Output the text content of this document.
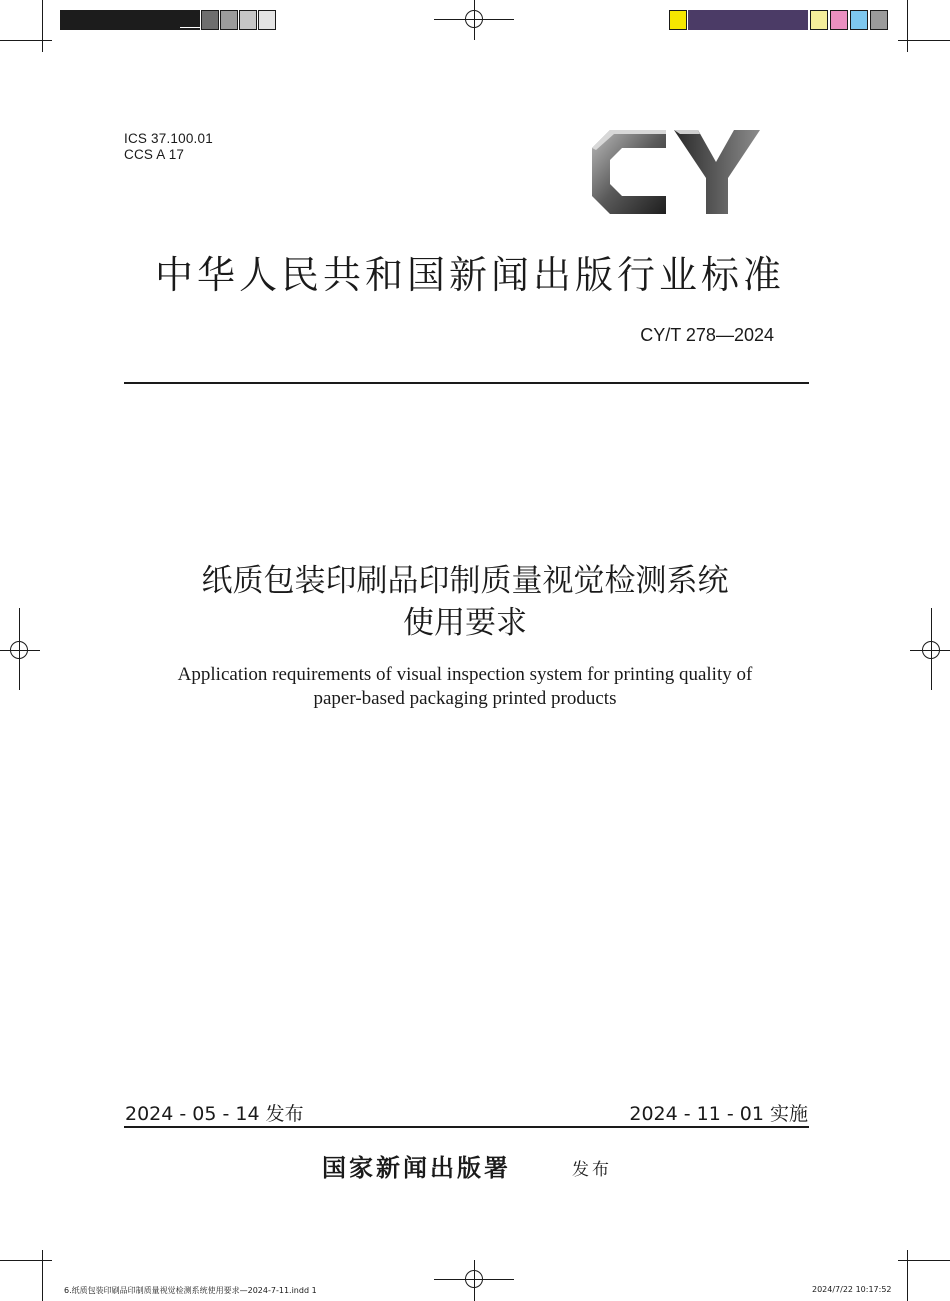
ICS 37.100.01
CCS A 17
中华人民共和国新闻出版行业标准
CY/T 278—2024
纸质包装印刷品印制质量视觉检测系统
使用要求
Application requirements of visual inspection system for printing quality of
paper-based packaging printed products
2024 - 05 - 14 发布	2024 - 11 - 01 实施
国家新闻出版署	发布
6.纸质包装印刷品印制质量视觉检测系统使用要求—2024-7-11.indd 1	2024/7/22 10:17:52
